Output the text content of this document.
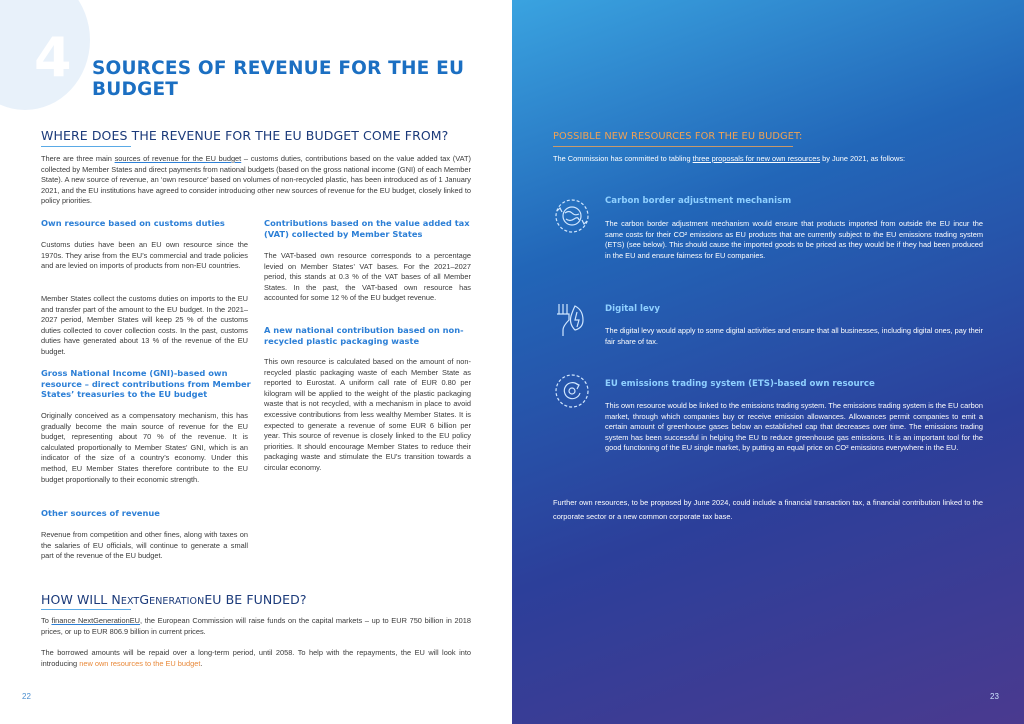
4 SOURCES OF REVENUE FOR THE EU BUDGET
WHERE DOES THE REVENUE FOR THE EU BUDGET COME FROM?
There are three main sources of revenue for the EU budget – customs duties, contributions based on the value added tax (VAT) collected by Member States and direct payments from national budgets (based on the gross national income (GNI) of each Member State). A new source of revenue, an ‘own resource’ based on volumes of non-recycled plastic, has been introduced as of 1 January 2021, and the EU institutions have agreed to consider introducing other new sources of revenue for the EU budget, closely linked to policy priorities.
Own resource based on customs duties
Customs duties have been an EU own resource since the 1970s. They arise from the EU’s commercial and trade policies and are levied on imports of products from non-EU countries.
Member States collect the customs duties on imports to the EU and transfer part of the amount to the EU budget. In the 2021–2027 period, Member States will keep 25 % of the customs duties collected to cover collection costs. In the past, customs duties have generated about 13 % of the revenue of the EU budget.
Gross National Income (GNI)-based own resource – direct contributions from Member States’ treasuries to the EU budget
Originally conceived as a compensatory mechanism, this has gradually become the main source of revenue for the EU budget, representing about 70 % of the revenue. It is calculated proportionally to Member States’ GNI, which is an indicator of the size of a country’s economy. Under this method, EU Member States therefore contribute to the EU budget proportionally to their economic strength.
Other sources of revenue
Revenue from competition and other fines, along with taxes on the salaries of EU officials, will continue to generate a small part of the revenue of the EU budget.
Contributions based on the value added tax (VAT) collected by Member States
The VAT-based own resource corresponds to a percentage levied on Member States’ VAT bases. For the 2021–2027 period, this stands at 0.3 % of the VAT bases of all Member States. In the past, the VAT-based own resource has accounted for some 12 % of the EU budget revenue.
A new national contribution based on non-recycled plastic packaging waste
This own resource is calculated based on the amount of non-recycled plastic packaging waste of each Member State as reported to Eurostat. A uniform call rate of EUR 0.80 per kilogram will be applied to the weight of the plastic packaging waste that is not recycled, with a mechanism in place to avoid excessive contributions from less wealthy Member States. It is expected to generate a revenue of some EUR 6 billion per year. This source of revenue is closely linked to the EU policy priorities. It should encourage Member States to reduce their packaging waste and stimulate the EU’s transition towards a circular economy.
HOW WILL NEXTGENERATIONEU BE FUNDED?
To finance NextGenerationEU, the European Commission will raise funds on the capital markets – up to EUR 750 billion in 2018 prices, or up to EUR 806.9 billion in current prices.
The borrowed amounts will be repaid over a long-term period, until 2058. To help with the repayments, the EU will look into introducing new own resources to the EU budget.
22
POSSIBLE NEW RESOURCES FOR THE EU BUDGET:
The Commission has committed to tabling three proposals for new own resources by June 2021, as follows:
Carbon border adjustment mechanism
The carbon border adjustment mechanism would ensure that products imported from outside the EU incur the same costs for their CO² emissions as EU products that are currently subject to the EU emissions trading system (ETS) (see below). This should cause the imported goods to be priced as they would be if they had been produced in the EU and ensure fairness for EU companies.
Digital levy
The digital levy would apply to some digital activities and ensure that all businesses, including digital ones, pay their fair share of tax.
EU emissions trading system (ETS)-based own resource
This own resource would be linked to the emissions trading system. The emissions trading system is the EU carbon market, through which companies buy or receive emission allowances. Allowances permit companies to emit a certain amount of greenhouse gases below an established cap that decreases over time. The emissions trading system has been successful in helping the EU to reduce greenhouse gas emissions. It is an important tool for the good functioning of the EU single market, by putting an equal price on CO² emissions everywhere in the EU.
Further own resources, to be proposed by June 2024, could include a financial transaction tax, a financial contribution linked to the corporate sector or a new common corporate tax base.
23
